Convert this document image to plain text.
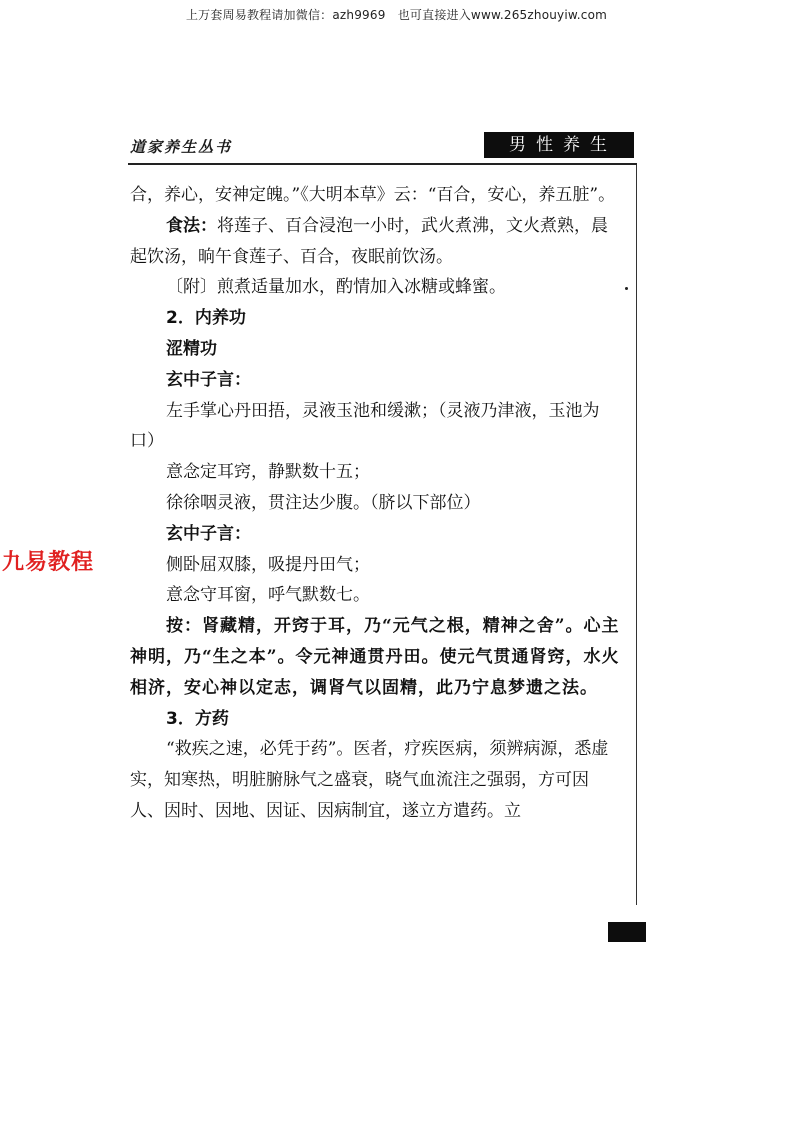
上万套周易教程请加微信：azh9969　也可直接进入www.265zhouyiw.com
道家养生丛书	男性养生
九易教程

合，养心，安神定魄。”《大明本草》云：“百合，安心，养五脏”。

食法：将莲子、百合浸泡一小时，武火煮沸，文火煮熟，晨起饮汤，晌午食莲子、百合，夜眠前饮汤。

〔附〕煎煮适量加水，酌情加入冰糖或蜂蜜。

2．内养功

涩精功

玄中子言：

左手掌心丹田捂，灵液玉池和缓漱；（灵液乃津液，玉池为口）

意念定耳窍，静默数十五；

徐徐咽灵液，贯注达少腹。（脐以下部位）

玄中子言：

侧卧屈双膝，吸提丹田气；

意念守耳窗，呼气默数七。

按：肾藏精，开窍于耳，乃“元气之根，精神之舍”。心主神明，乃“生之本”。令元神通贯丹田。使元气贯通肾窍，水火相济，安心神以定志，调肾气以固精，此乃宁息梦遗之法。

3．方药

“救疾之速，必凭于药”。医者，疗疾医病，须辨病源，悉虚实，知寒热，明脏腑脉气之盛衰，晓气血流注之强弱，方可因人、因时、因地、因证、因病制宜，遂立方遣药。立
